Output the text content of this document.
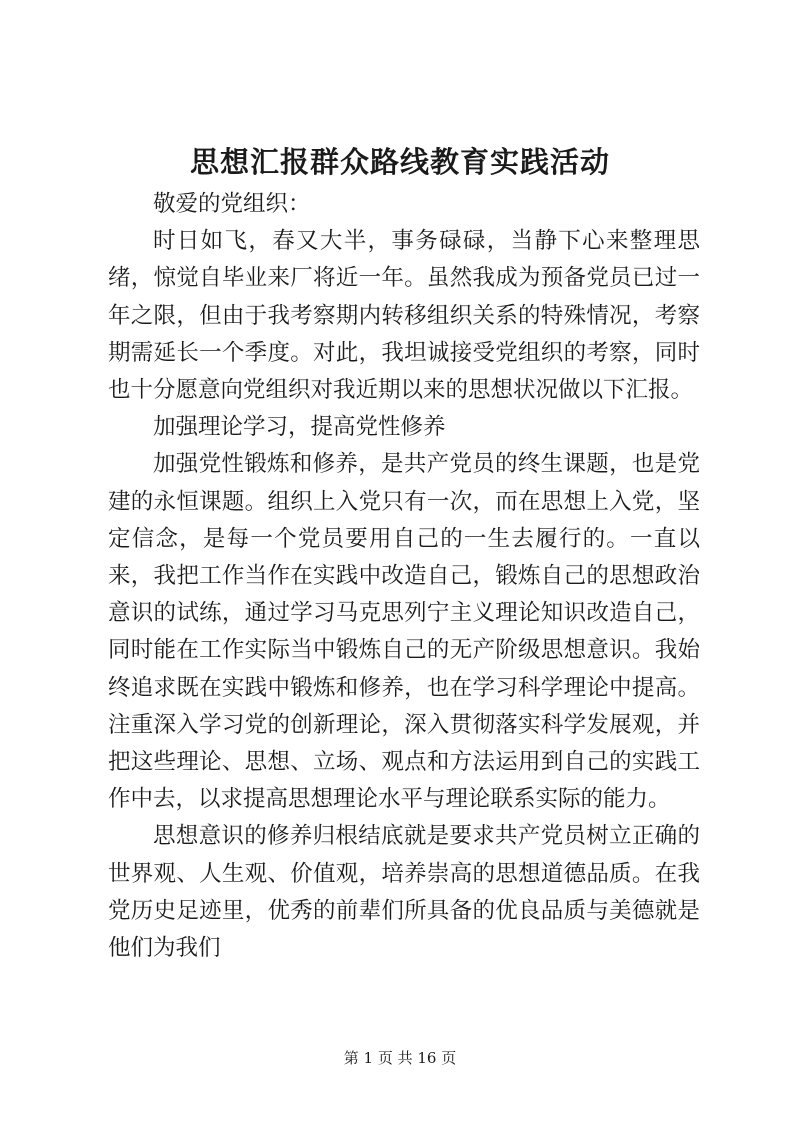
思想汇报群众路线教育实践活动

敬爱的党组织：

时日如飞，春又大半，事务碌碌，当静下心来整理思绪，惊觉自毕业来厂将近一年。虽然我成为预备党员已过一年之限，但由于我考察期内转移组织关系的特殊情况，考察期需延长一个季度。对此，我坦诚接受党组织的考察，同时也十分愿意向党组织对我近期以来的思想状况做以下汇报。

加强理论学习，提高党性修养

加强党性锻炼和修养，是共产党员的终生课题，也是党建的永恒课题。组织上入党只有一次，而在思想上入党，坚定信念，是每一个党员要用自己的一生去履行的。一直以来，我把工作当作在实践中改造自己，锻炼自己的思想政治意识的试练，通过学习马克思列宁主义理论知识改造自己，同时能在工作实际当中锻炼自己的无产阶级思想意识。我始终追求既在实践中锻炼和修养，也在学习科学理论中提高。注重深入学习党的创新理论，深入贯彻落实科学发展观，并把这些理论、思想、立场、观点和方法运用到自己的实践工作中去，以求提高思想理论水平与理论联系实际的能力。

思想意识的修养归根结底就是要求共产党员树立正确的世界观、人生观、价值观，培养崇高的思想道德品质。在我党历史足迹里，优秀的前辈们所具备的优良品质与美德就是他们为我们

第 1 页 共 16 页
